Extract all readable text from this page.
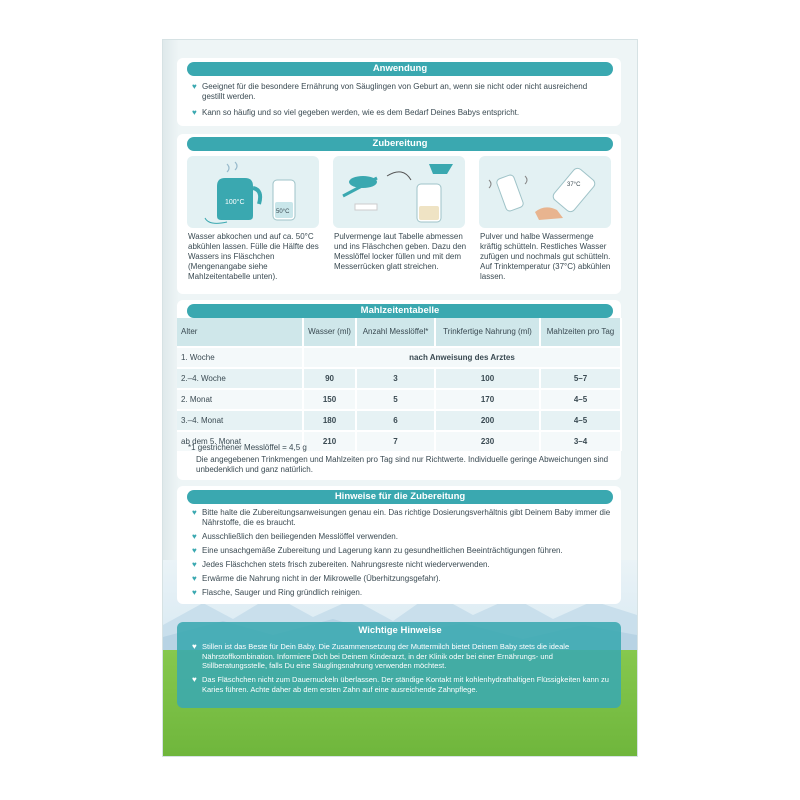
Anwendung
♥ Geeignet für die besondere Ernährung von Säuglingen von Geburt an, wenn sie nicht oder nicht ausreichend gestillt werden.
♥ Kann so häufig und so viel gegeben werden, wie es dem Bedarf Deines Babys entspricht.
Zubereitung
100°C
50°C
37°C
Wasser abkochen und auf ca. 50°C abkühlen lassen. Fülle die Hälfte des Wassers ins Fläschchen (Mengenangabe siehe Mahlzeitentabelle unten).
Pulvermenge laut Tabelle abmessen und ins Fläschchen geben. Dazu den Messlöffel locker füllen und mit dem Messerrücken glatt streichen.
Pulver und halbe Wassermenge kräftig schütteln. Restliches Wasser zufügen und nochmals gut schütteln. Auf Trinktemperatur (37°C) abkühlen lassen.
Mahlzeitentabelle
Alter	Wasser (ml)	Anzahl Messlöffel*	Trinkfertige Nahrung (ml)	Mahlzeiten pro Tag
1. Woche	nach Anweisung des Arztes			
2.–4. Woche	90	3	100	5–7
2. Monat	150	5	170	4–5
3.–4. Monat	180	6	200	4–5
ab dem 5. Monat	210	7	230	3–4
*1 gestrichener Messlöffel = 4,5 g
Die angegebenen Trinkmengen und Mahlzeiten pro Tag sind nur Richtwerte. Individuelle geringe Abweichungen sind unbedenklich und ganz natürlich.
Hinweise für die Zubereitung
♥ Bitte halte die Zubereitungsanweisungen genau ein. Das richtige Dosierungsverhältnis gibt Deinem Baby immer die Nährstoffe, die es braucht.
♥ Ausschließlich den beiliegenden Messlöffel verwenden.
♥ Eine unsachgemäße Zubereitung und Lagerung kann zu gesundheitlichen Beeinträchtigungen führen.
♥ Jedes Fläschchen stets frisch zubereiten. Nahrungsreste nicht wiederverwenden.
♥ Erwärme die Nahrung nicht in der Mikrowelle (Überhitzungsgefahr).
♥ Flasche, Sauger und Ring gründlich reinigen.
Wichtige Hinweise
♥ Stillen ist das Beste für Dein Baby. Die Zusammensetzung der Muttermilch bietet Deinem Baby stets die ideale Nährstoffkombination. Informiere Dich bei Deinem Kinderarzt, in der Klinik oder bei einer Ernährungs- und Stillberatungsstelle, falls Du eine Säuglingsnahrung verwenden möchtest.
♥ Das Fläschchen nicht zum Dauernuckeln überlassen. Der ständige Kontakt mit kohlenhydrathaltigen Flüssigkeiten kann zu Karies führen. Achte daher ab dem ersten Zahn auf eine ausreichende Zahnpflege.
